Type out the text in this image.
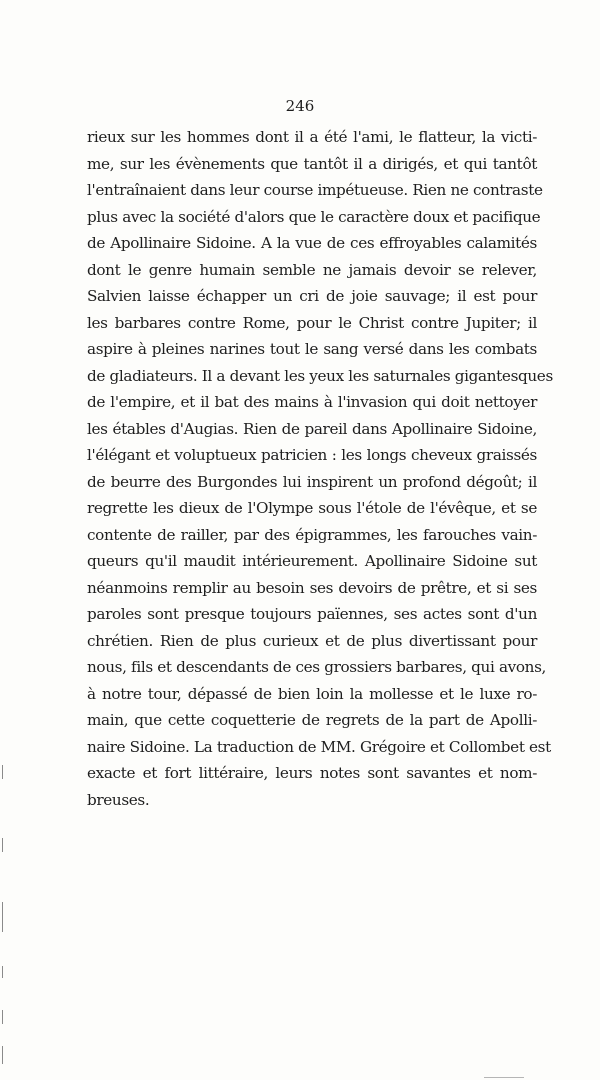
246
rieux sur les hommes dont il a été l'ami, le flatteur, la victi-
me, sur les évènements que tantôt il a dirigés, et qui tantôt
l'entraînaient dans leur course impétueuse. Rien ne contraste
plus avec la société d'alors que le caractère doux et pacifique
de Apollinaire Sidoine. A la vue de ces effroyables calamités
dont le genre humain semble ne jamais devoir se relever,
Salvien laisse échapper un cri de joie sauvage; il est pour
les barbares contre Rome, pour le Christ contre Jupiter; il
aspire à pleines narines tout le sang versé dans les combats
de gladiateurs. Il a devant les yeux les saturnales gigantesques
de l'empire, et il bat des mains à l'invasion qui doit nettoyer
les étables d'Augias. Rien de pareil dans Apollinaire Sidoine,
l'élégant et voluptueux patricien : les longs cheveux graissés
de beurre des Burgondes lui inspirent un profond dégoût; il
regrette les dieux de l'Olympe sous l'étole de l'évêque, et se
contente de railler, par des épigrammes, les farouches vain-
queurs qu'il maudit intérieurement. Apollinaire Sidoine sut
néanmoins remplir au besoin ses devoirs de prêtre, et si ses
paroles sont presque toujours païennes, ses actes sont d'un
chrétien. Rien de plus curieux et de plus divertissant pour
nous, fils et descendants de ces grossiers barbares, qui avons,
à notre tour, dépassé de bien loin la mollesse et le luxe ro-
main, que cette coquetterie de regrets de la part de Apolli-
naire Sidoine. La traduction de MM. Grégoire et Collombet est
exacte et fort littéraire, leurs notes sont savantes et nom-
breuses.
